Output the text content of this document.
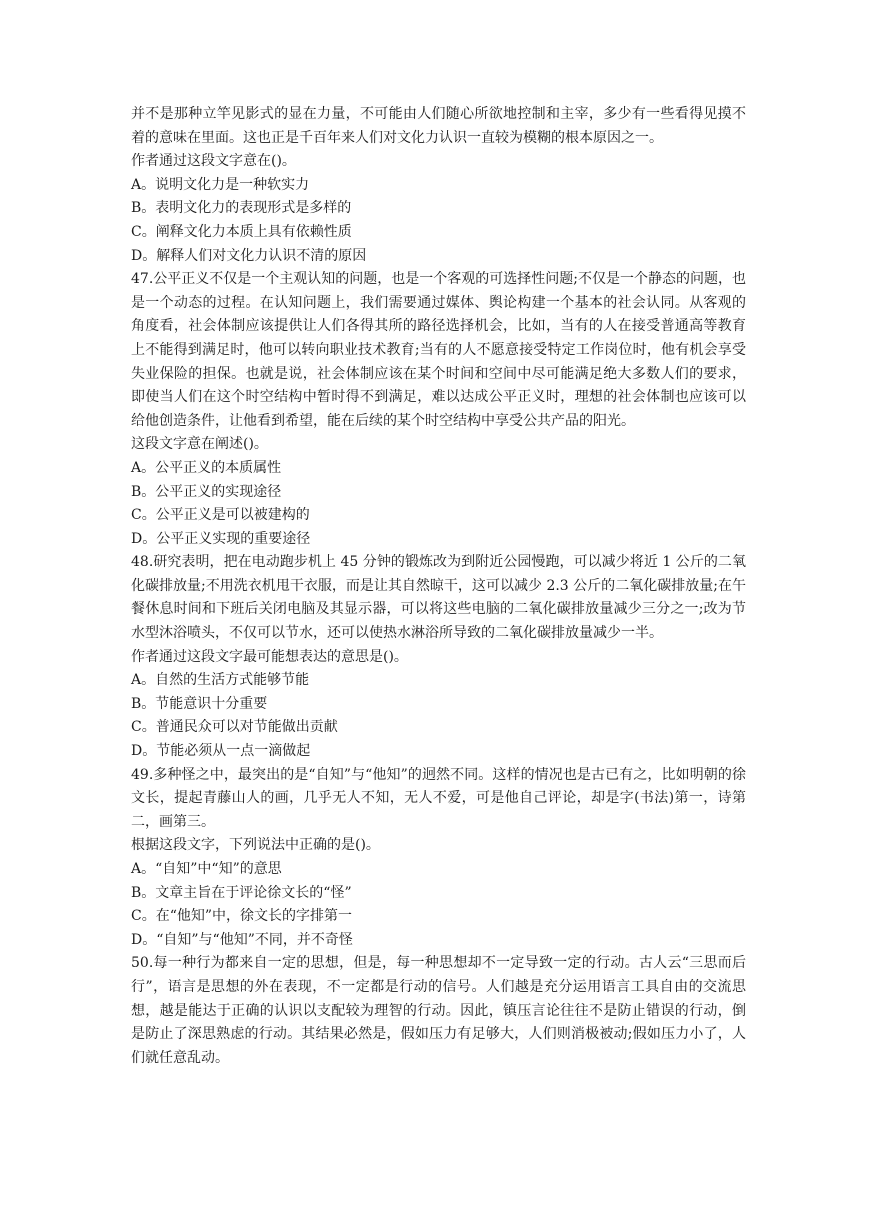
并不是那种立竿见影式的显在力量，不可能由人们随心所欲地控制和主宰，多少有一些看得见摸不着的意味在里面。这也正是千百年来人们对文化力认识一直较为模糊的根本原因之一。

作者通过这段文字意在()。

A。说明文化力是一种软实力

B。表明文化力的表现形式是多样的

C。阐释文化力本质上具有依赖性质

D。解释人们对文化力认识不清的原因

47.公平正义不仅是一个主观认知的问题，也是一个客观的可选择性问题;不仅是一个静态的问题，也是一个动态的过程。在认知问题上，我们需要通过媒体、舆论构建一个基本的社会认同。从客观的角度看，社会体制应该提供让人们各得其所的路径选择机会，比如，当有的人在接受普通高等教育上不能得到满足时，他可以转向职业技术教育;当有的人不愿意接受特定工作岗位时，他有机会享受失业保险的担保。也就是说，社会体制应该在某个时间和空间中尽可能满足绝大多数人们的要求，即使当人们在这个时空结构中暂时得不到满足，难以达成公平正义时，理想的社会体制也应该可以给他创造条件，让他看到希望，能在后续的某个时空结构中享受公共产品的阳光。

这段文字意在阐述()。

A。公平正义的本质属性

B。公平正义的实现途径

C。公平正义是可以被建构的

D。公平正义实现的重要途径

48.研究表明，把在电动跑步机上 45 分钟的锻炼改为到附近公园慢跑，可以减少将近 1 公斤的二氧化碳排放量;不用洗衣机甩干衣服，而是让其自然晾干，这可以减少 2.3 公斤的二氧化碳排放量;在午餐休息时间和下班后关闭电脑及其显示器，可以将这些电脑的二氧化碳排放量减少三分之一;改为节水型沐浴喷头，不仅可以节水，还可以使热水淋浴所导致的二氧化碳排放量减少一半。

作者通过这段文字最可能想表达的意思是()。

A。自然的生活方式能够节能

B。节能意识十分重要

C。普通民众可以对节能做出贡献

D。节能必须从一点一滴做起

49.多种怪之中，最突出的是“自知”与“他知”的迥然不同。这样的情况也是古已有之，比如明朝的徐文长，提起青藤山人的画，几乎无人不知，无人不爱，可是他自己评论，却是字(书法)第一，诗第二，画第三。

根据这段文字，下列说法中正确的是()。

A。“自知”中“知”的意思

B。文章主旨在于评论徐文长的“怪”

C。在“他知”中，徐文长的字排第一

D。“自知”与“他知”不同，并不奇怪

50.每一种行为都来自一定的思想，但是，每一种思想却不一定导致一定的行动。古人云“三思而后行”，语言是思想的外在表现，不一定都是行动的信号。人们越是充分运用语言工具自由的交流思想，越是能达于正确的认识以支配较为理智的行动。因此，镇压言论往往不是防止错误的行动，倒是防止了深思熟虑的行动。其结果必然是，假如压力有足够大，人们则消极被动;假如压力小了，人们就任意乱动。
